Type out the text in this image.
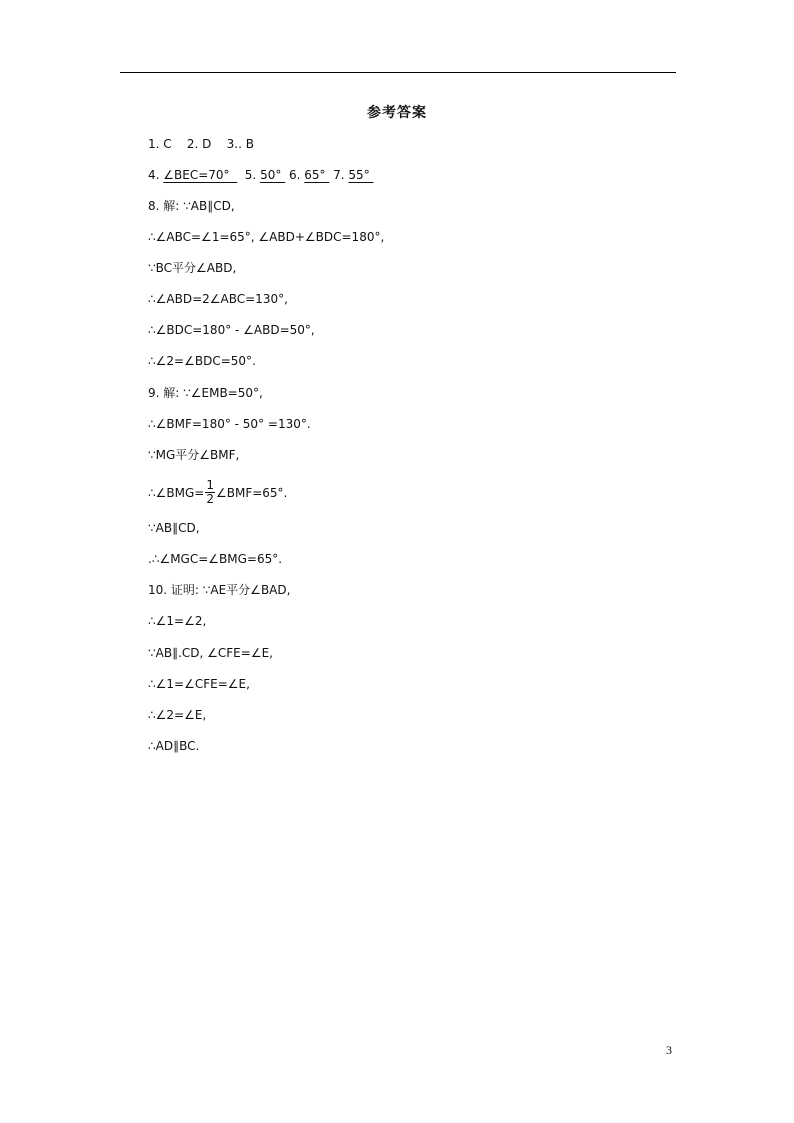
参考答案
1. C    2. D    3.. B
4. ∠BEC=70°    5. 50°  6. 65°  7. 55°
8. 解: ∵AB∥CD,
∴∠ABC=∠1=65°, ∠ABD+∠BDC=180°,
∵BC平分∠ABD,
∴∠ABD=2∠ABC=130°,
∴∠BDC=180° - ∠ABD=50°,
∴∠2=∠BDC=50°.
9. 解: ∵∠EMB=50°,
∴∠BMF=180° - 50° =130°.
∵MG平分∠BMF,
∴∠BMG= $\frac{1}{2}$ ∠BMF=65°.
∵AB∥CD,
.∴∠MGC=∠BMG=65°.
10. 证明: ∵AE平分∠BAD,
∴∠1=∠2,
∵AB∥.CD, ∠CFE=∠E,
∴∠1=∠CFE=∠E,
∴∠2=∠E,
∴AD∥BC.
3
